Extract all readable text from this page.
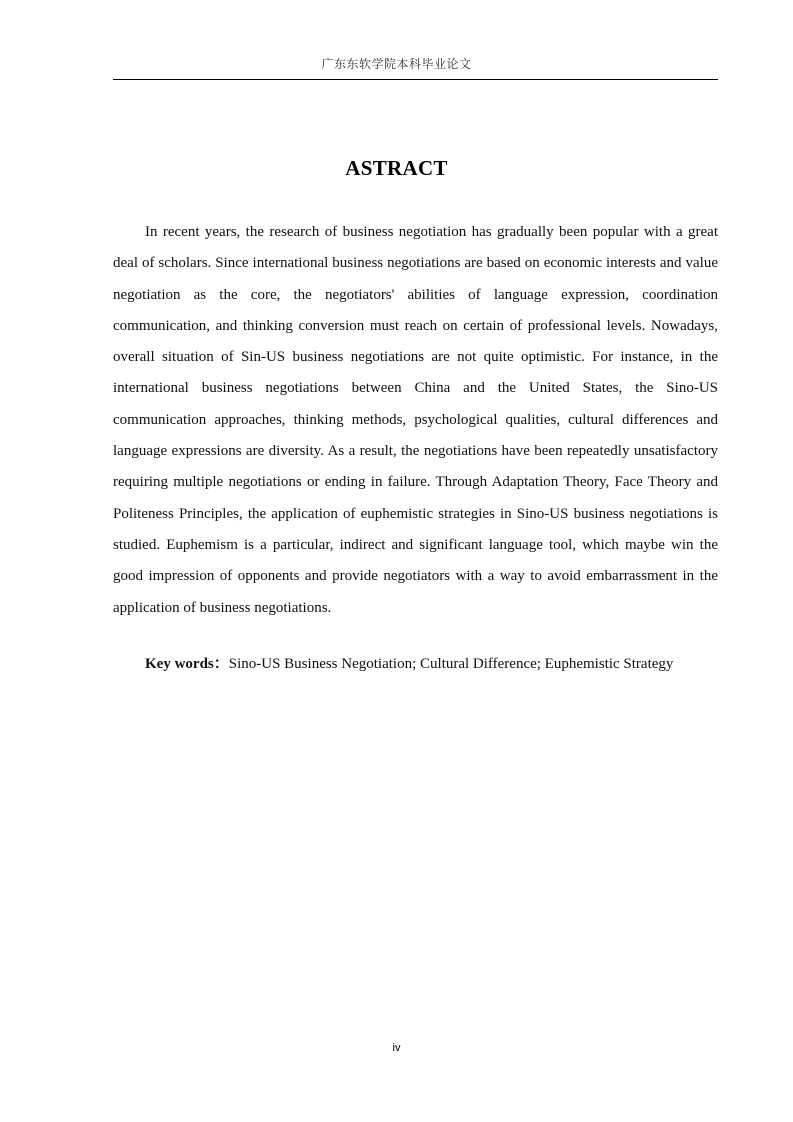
广东东软学院本科毕业论文
ASTRACT

In recent years, the research of business negotiation has gradually been popular with a great deal of scholars. Since international business negotiations are based on economic interests and value negotiation as the core, the negotiators' abilities of language expression, coordination communication, and thinking conversion must reach on certain of professional levels. Nowadays, overall situation of Sin-US business negotiations are not quite optimistic. For instance, in the international business negotiations between China and the United States, the Sino-US communication approaches, thinking methods, psychological qualities, cultural differences and language expressions are diversity. As a result, the negotiations have been repeatedly unsatisfactory requiring multiple negotiations or ending in failure. Through Adaptation Theory, Face Theory and Politeness Principles, the application of euphemistic strategies in Sino-US business negotiations is studied. Euphemism is a particular, indirect and significant language tool, which maybe win the good impression of opponents and provide negotiators with a way to avoid embarrassment in the application of business negotiations.

Key words：Sino-US Business Negotiation; Cultural Difference; Euphemistic Strategy

iv
